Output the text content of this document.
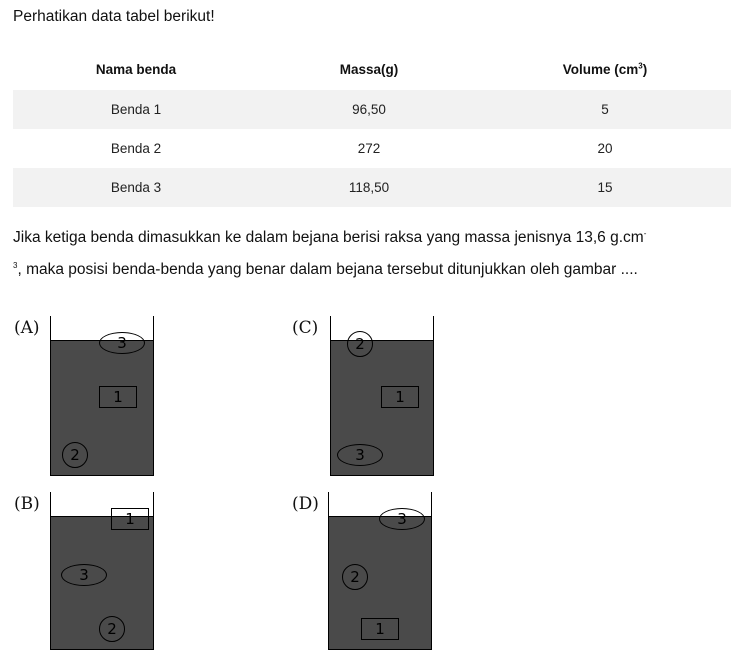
Perhatikan data tabel berikut!
Nama benda	Massa(g)	Volume $(cm^3)$
Benda 1	96,50	5
Benda 2	272	20
Benda 3	118,50	15
Jika ketiga benda dimasukkan ke dalam bejana berisi raksa yang massa jenisnya 13,6 g.cm-
$^3$, maka posisi benda-benda yang benar dalam bejana tersebut ditunjukkan oleh gambar ....
(A)
3
1
2
(C)
2
1
3
(B)
1
3
2
(D)
3
2
1
